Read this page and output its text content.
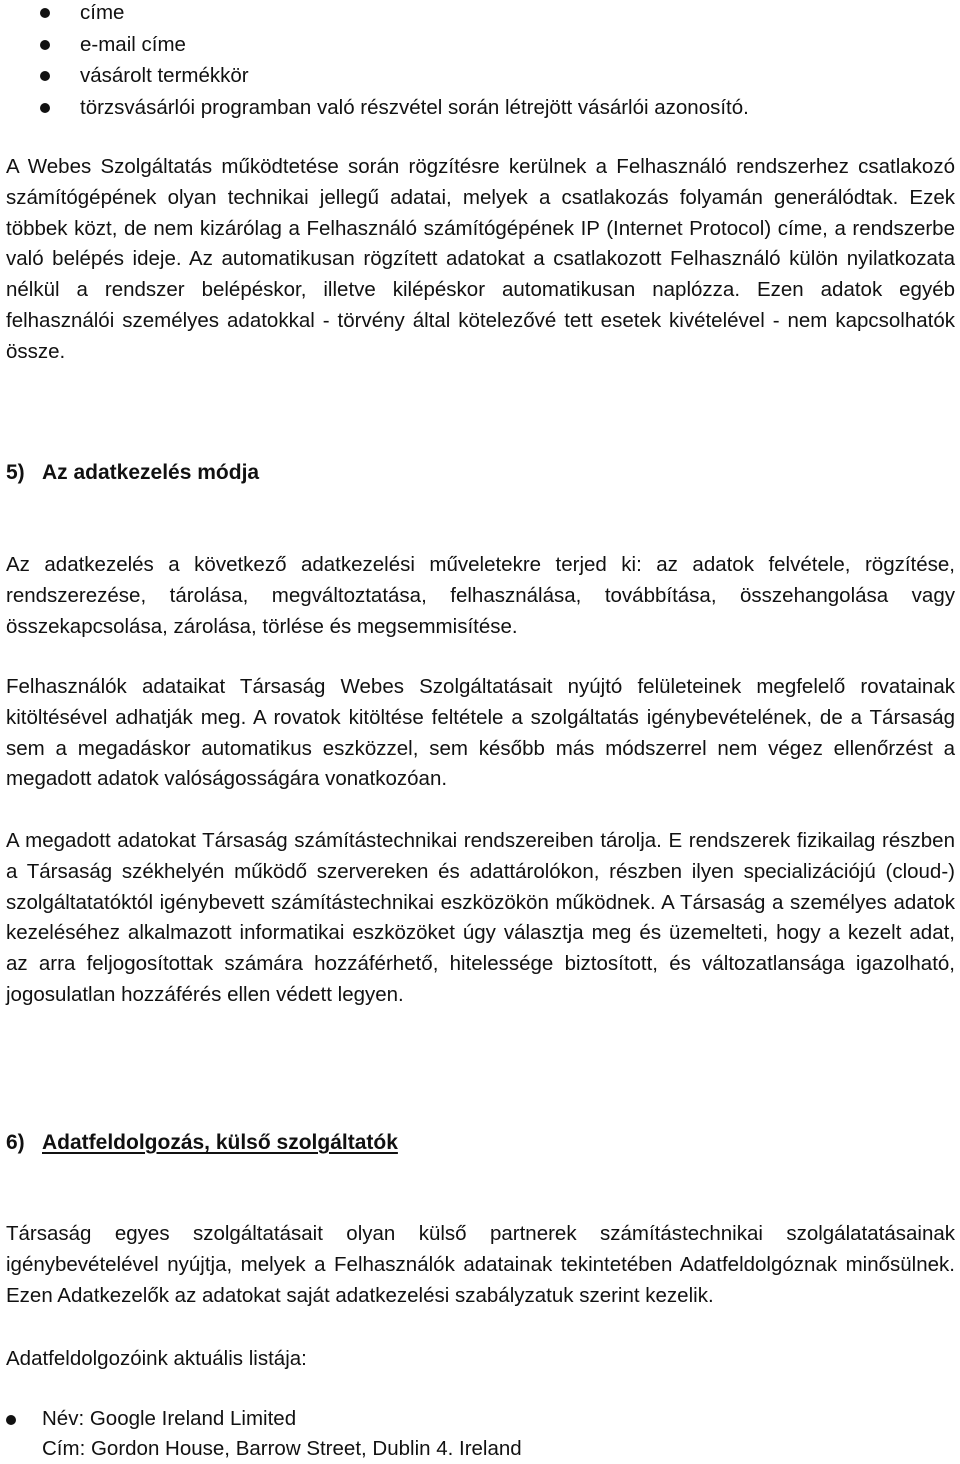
címe
e-mail címe
vásárolt termékkör
törzsvásárlói programban való részvétel során létrejött vásárlói azonosító.

A Webes Szolgáltatás működtetése során rögzítésre kerülnek a Felhasználó rendszerhez csatlakozó számítógépének olyan technikai jellegű adatai, melyek a csatlakozás folyamán generálódtak. Ezek többek közt, de nem kizárólag a Felhasználó számítógépének IP (Internet Protocol) címe, a rendszerbe való belépés ideje. Az automatikusan rögzített adatokat a csatlakozott Felhasználó külön nyilatkozata nélkül a rendszer belépéskor, illetve kilépéskor automatikusan naplózza. Ezen adatok egyéb felhasználói személyes adatokkal - törvény által kötelezővé tett esetek kivételével - nem kapcsolhatók össze.

5) Az adatkezelés módja

Az adatkezelés a következő adatkezelési műveletekre terjed ki: az adatok felvétele, rögzítése, rendszerezése, tárolása, megváltoztatása, felhasználása, továbbítása, összehangolása vagy összekapcsolása, zárolása, törlése és megsemmisítése.

Felhasználók adataikat Társaság Webes Szolgáltatásait nyújtó felületeinek megfelelő rovatainak kitöltésével adhatják meg. A rovatok kitöltése feltétele a szolgáltatás igénybevételének, de a Társaság sem a megadáskor automatikus eszközzel, sem később más módszerrel nem végez ellenőrzést a megadott adatok valóságosságára vonatkozóan.

A megadott adatokat Társaság számítástechnikai rendszereiben tárolja. E rendszerek fizikailag részben a Társaság székhelyén működő szervereken és adattárolókon, részben ilyen specializációjú (cloud-) szolgáltatatóktól igénybevett számítástechnikai eszközökön működnek. A Társaság a személyes adatok kezeléséhez alkalmazott informatikai eszközöket úgy választja meg és üzemelteti, hogy a kezelt adat, az arra feljogosítottak számára hozzáférhető, hitelessége biztosított, és változatlansága igazolható, jogosulatlan hozzáférés ellen védett legyen.

6) Adatfeldolgozás, külső szolgáltatók

Társaság egyes szolgáltatásait olyan külső partnerek számítástechnikai szolgálatatásainak igénybevételével nyújtja, melyek a Felhasználók adatainak tekintetében Adatfeldolgóznak minősülnek. Ezen Adatkezelők az adatokat saját adatkezelési szabályzatuk szerint kezelik.

Adatfeldolgozóink aktuális listája:

Név: Google Ireland Limited
Cím: Gordon House, Barrow Street, Dublin 4. Ireland
